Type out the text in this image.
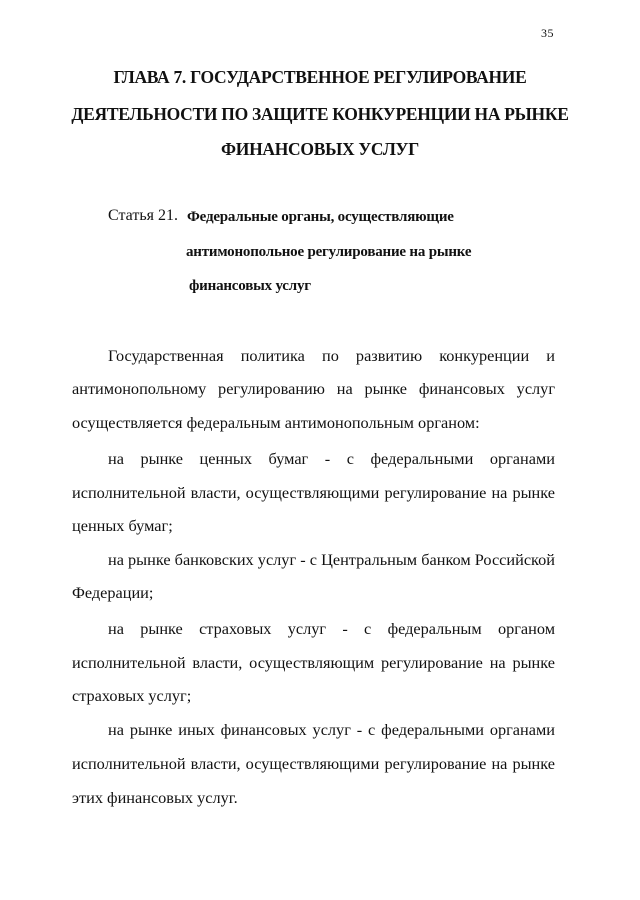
35
ГЛАВА 7. ГОСУДАРСТВЕННОЕ РЕГУЛИРОВАНИЕ
ДЕЯТЕЛЬНОСТИ ПО ЗАЩИТЕ КОНКУРЕНЦИИ НА РЫНКЕ
ФИНАНСОВЫХ УСЛУГ
Статья 21. Федеральные органы, осуществляющие
антимонопольное регулирование на рынке
финансовых услуг
Государственная политика по развитию конкуренции и
антимонопольному регулированию на рынке финансовых услуг
осуществляется федеральным антимонопольным органом:
на рынке ценных бумаг - с федеральными органами
исполнительной власти, осуществляющими регулирование на рынке
ценных бумаг;
на рынке банковских услуг - с Центральным банком Российской
Федерации;
на рынке страховых услуг - с федеральным органом
исполнительной власти, осуществляющим регулирование на рынке
страховых услуг;
на рынке иных финансовых услуг - с федеральными органами
исполнительной власти, осуществляющими регулирование на рынке
этих финансовых услуг.
